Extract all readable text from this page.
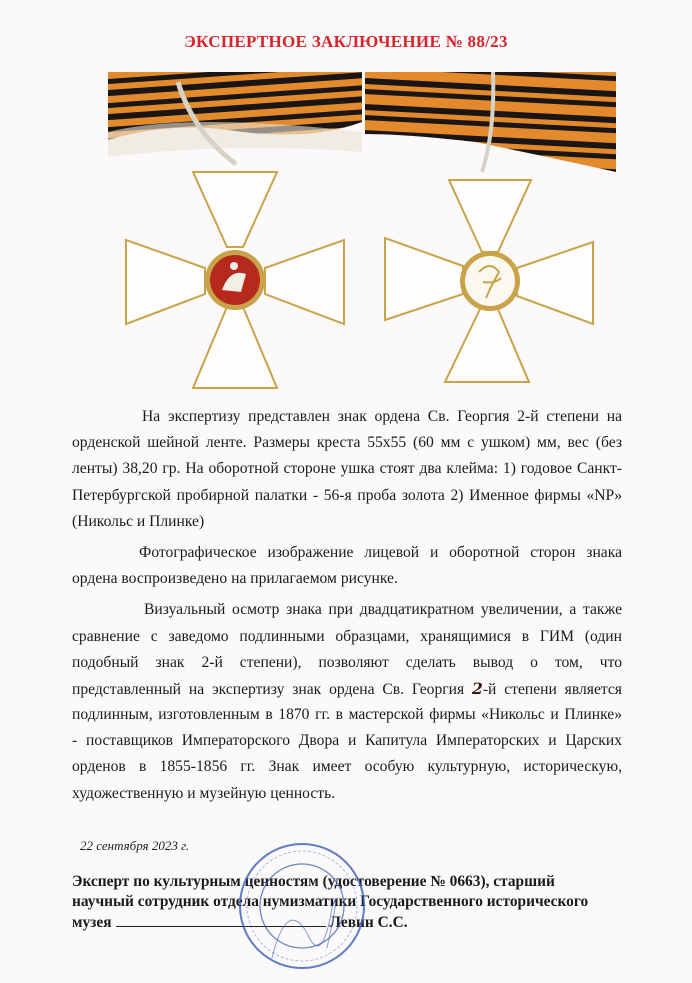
ЭКСПЕРТНОЕ ЗАКЛЮЧЕНИЕ № 88/23
На экспертизу представлен знак ордена Св. Георгия 2-й степени на
орденской шейной ленте. Размеры креста 55x55 (60 мм с ушком) мм, вес (без
ленты) 38,20 гр. На оборотной стороне ушка стоят два клейма: 1) годовое Санкт-
Петербургской пробирной палатки - 56-я проба золота 2) Именное фирмы «NP»
(Никольс и Плинке)
Фотографическое изображение лицевой и оборотной сторон знака
ордена воспроизведено на прилагаемом рисунке.
Визуальный осмотр знака при двадцатикратном увеличении, а также
сравнение с заведомо подлинными образцами, хранящимися в ГИМ (один
подобный знак 2-й степени), позволяют сделать вывод о том, что
представленный на экспертизу знак ордена Св. Георгия 2-й степени является
подлинным, изготовленным в 1870 гг. в мастерской фирмы «Никольс и Плинке»
- поставщиков Императорского Двора и Капитула Императорских и Царских
орденов в 1855-1856 гг. Знак имеет особую культурную, историческую,
художественную и музейную ценность.
22 сентября 2023 г.
Эксперт по культурным ценностям (удостоверение № 0663), старший
научный сотрудник отдела нумизматики Государственного исторического
музея	Левин С.С.
